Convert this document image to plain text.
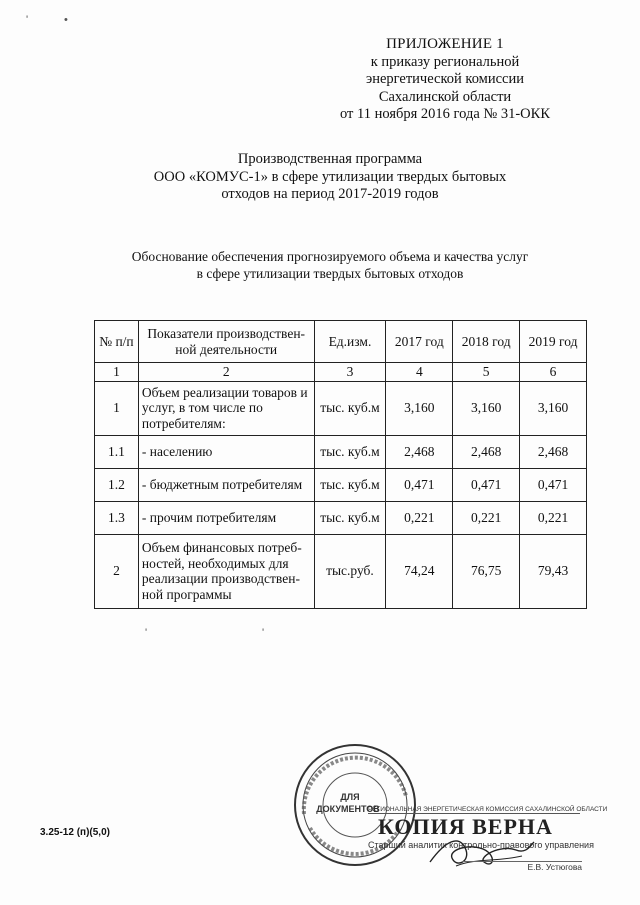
'	•
'	'
ПРИЛОЖЕНИЕ 1
к приказу региональной
энергетической комиссии
Сахалинской области
от 11 ноября 2016 года № 31-ОКК
Производственная программа
ООО «КОМУС-1» в сфере утилизации твердых бытовых
отходов на период 2017-2019 годов
Обоснование обеспечения прогнозируемого объема и качества услуг
в сфере утилизации твердых бытовых отходов
№ п/п	Показатели производствен-ной деятельности	Ед.изм.	2017 год	2018 год	2019 год
1	2	3	4	5	6
1	Объем реализации товаров и услуг, в том числе по потребителям:	тыс. куб.м	3,160	3,160	3,160
1.1	- населению	тыс. куб.м	2,468	2,468	2,468
1.2	- бюджетным потребителям	тыс. куб.м	0,471	0,471	0,471
1.3	- прочим потребителям	тыс. куб.м	0,221	0,221	0,221
2	Объем финансовых потреб-ностей, необходимых для реализации производствен-ной программы	тыс.руб.	74,24	76,75	79,43
3.25-12 (п)(5,0)
ДЛЯ
ДОКУМЕНТОВ
РЕГИОНАЛЬНАЯ ЭНЕРГЕТИЧЕСКАЯ КОМИССИЯ САХАЛИНСКОЙ ОБЛАСТИ
КОПИЯ ВЕРНА
Старший аналитик контрольно-правового управления
Е.В. Устюгова
